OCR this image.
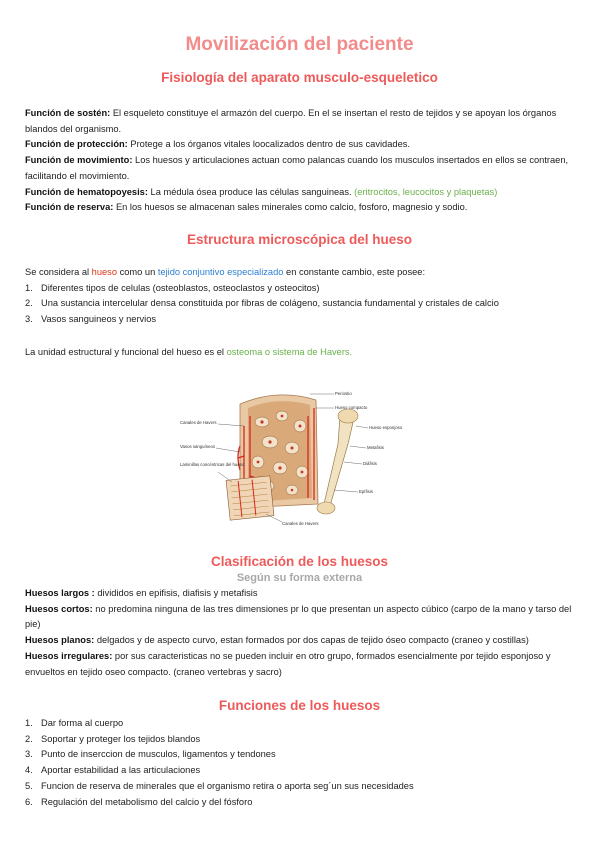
Movilización del paciente
Fisiología del aparato musculo-esqueletico

Función de sostén: El esqueleto constituye el armazón del cuerpo. En el se insertan el resto de tejidos y se apoyan los órganos blandos del organismo.

Función de protección: Protege a los órganos vitales loocalizados dentro de sus cavidades.

Función de movimiento: Los huesos y articulaciones actuan como palancas cuando los musculos insertados en ellos se contraen, facilitando el movimiento.

Función de hematopoyesis: La médula ósea produce las células sanguineas. (eritrocitos, leucocitos y plaquetas)

Función de reserva: En los huesos se almacenan sales minerales como calcio, fosforo, magnesio y sodio.

Estructura microscópica del hueso

Se considera al hueso como un tejido conjuntivo especializado en constante cambio, este posee:

1. Diferentes tipos de celulas (osteoblastos, osteoclastos y osteocitos)
2. Una sustancia intercelular densa constituida por fibras de colágeno, sustancia fundamental y cristales de calcio
3. Vasos sanguineos y nervios

La unidad estructural y funcional del hueso es el osteoma o sistema de Havers.

Periostio
Hueso compacto
Hueso esponjoso
Metafisis
Diáfisis
Epífisis
Canales de Havers
Vasos sanguíneos
Laminillas concéntricas del hueso
Canales de Havers
Clasificación de los huesos
Según su forma externa

Huesos largos : divididos en epifisis, diafisis y metafisis

Huesos cortos: no predomina ninguna de las tres dimensiones pr lo que presentan un aspecto cúbico (carpo de la mano y tarso del pie)

Huesos planos: delgados y de aspecto curvo, estan formados por dos capas de tejido óseo compacto (craneo y costillas)

Huesos irregulares: por sus caracteristicas no se pueden incluir en otro grupo, formados esencialmente por tejido esponjoso y envueltos en tejido oseo compacto. (craneo vertebras y sacro)

Funciones de los huesos
1. Dar forma al cuerpo
2. Soportar y proteger los tejidos blandos
3. Punto de inserccion de musculos, ligamentos y tendones
4. Aportar estabilidad a las articulaciones
5. Funcion de reserva de minerales que el organismo retira o aporta seg´un sus necesidades
6. Regulación del metabolismo del calcio y del fósforo
